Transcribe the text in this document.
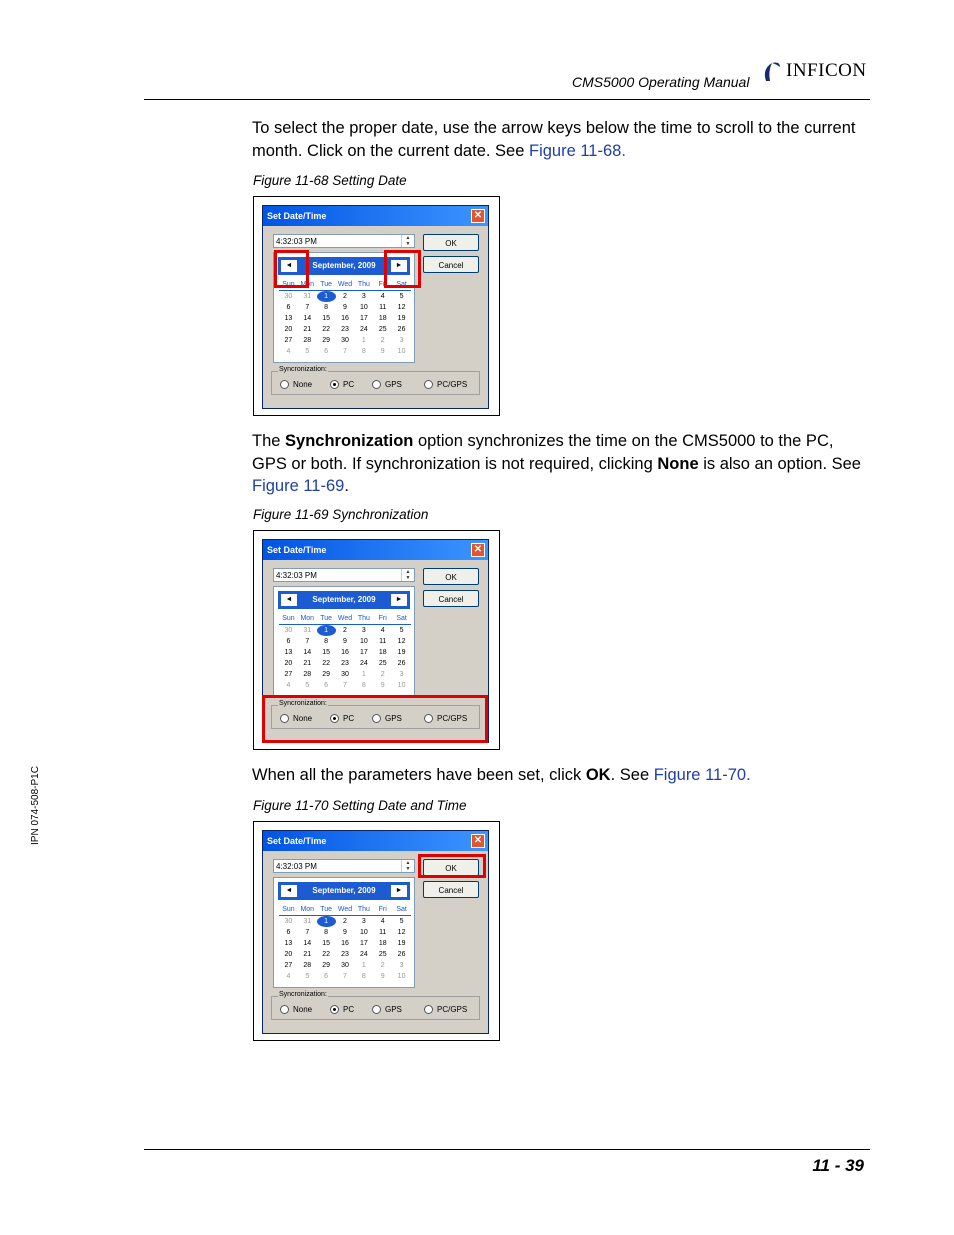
CMS5000 Operating Manual
INFICON
To select the proper date, use the arrow keys below the time to scroll to the current month. Click on the current date. See Figure 11-68.
Figure 11-68 Setting Date
Set Date/Time	✕
4:32:03 PM	▲
▼	OK
Cancel
◄	September, 2009	►
Sun Mon Tue Wed Thu	Fri	Sat
30	31	1	2	3	4	5
6	7	8	9	10	11	12
13	14	15	16	17	18	19
20	21	22	23	24	25	26
27	28	29	30	1	2	3
4	5	6	7	8	9	10
Syncronization:
None	PC	GPS	PC/GPS
The Synchronization option synchronizes the time on the CMS5000 to the PC, GPS or both. If synchronization is not required, clicking None is also an option. See Figure 11-69.
Figure 11-69 Synchronization
Set Date/Time	✕
4:32:03 PM	▲
▼	OK
Cancel
◄	September, 2009	►
Sun Mon Tue Wed Thu	Fri	Sat
30	31	1	2	3	4	5
6	7	8	9	10	11	12
13	14	15	16	17	18	19
20	21	22	23	24	25	26
27	28	29	30	1	2	3
4	5	6	7	8	9	10
Syncronization:
None	PC	GPS	PC/GPS
When all the parameters have been set, click OK. See Figure 11-70.
Figure 11-70 Setting Date and Time
Set Date/Time	✕
4:32:03 PM	▲
▼	OK
Cancel
◄	September, 2009	►
Sun Mon Tue Wed Thu	Fri	Sat
30	31	1	2	3	4	5
6	7	8	9	10	11	12
13	14	15	16	17	18	19
20	21	22	23	24	25	26
27	28	29	30	1	2	3
4	5	6	7	8	9	10
Syncronization:
None	PC	GPS	PC/GPS
IPN 074-508-P1C
11 - 39
